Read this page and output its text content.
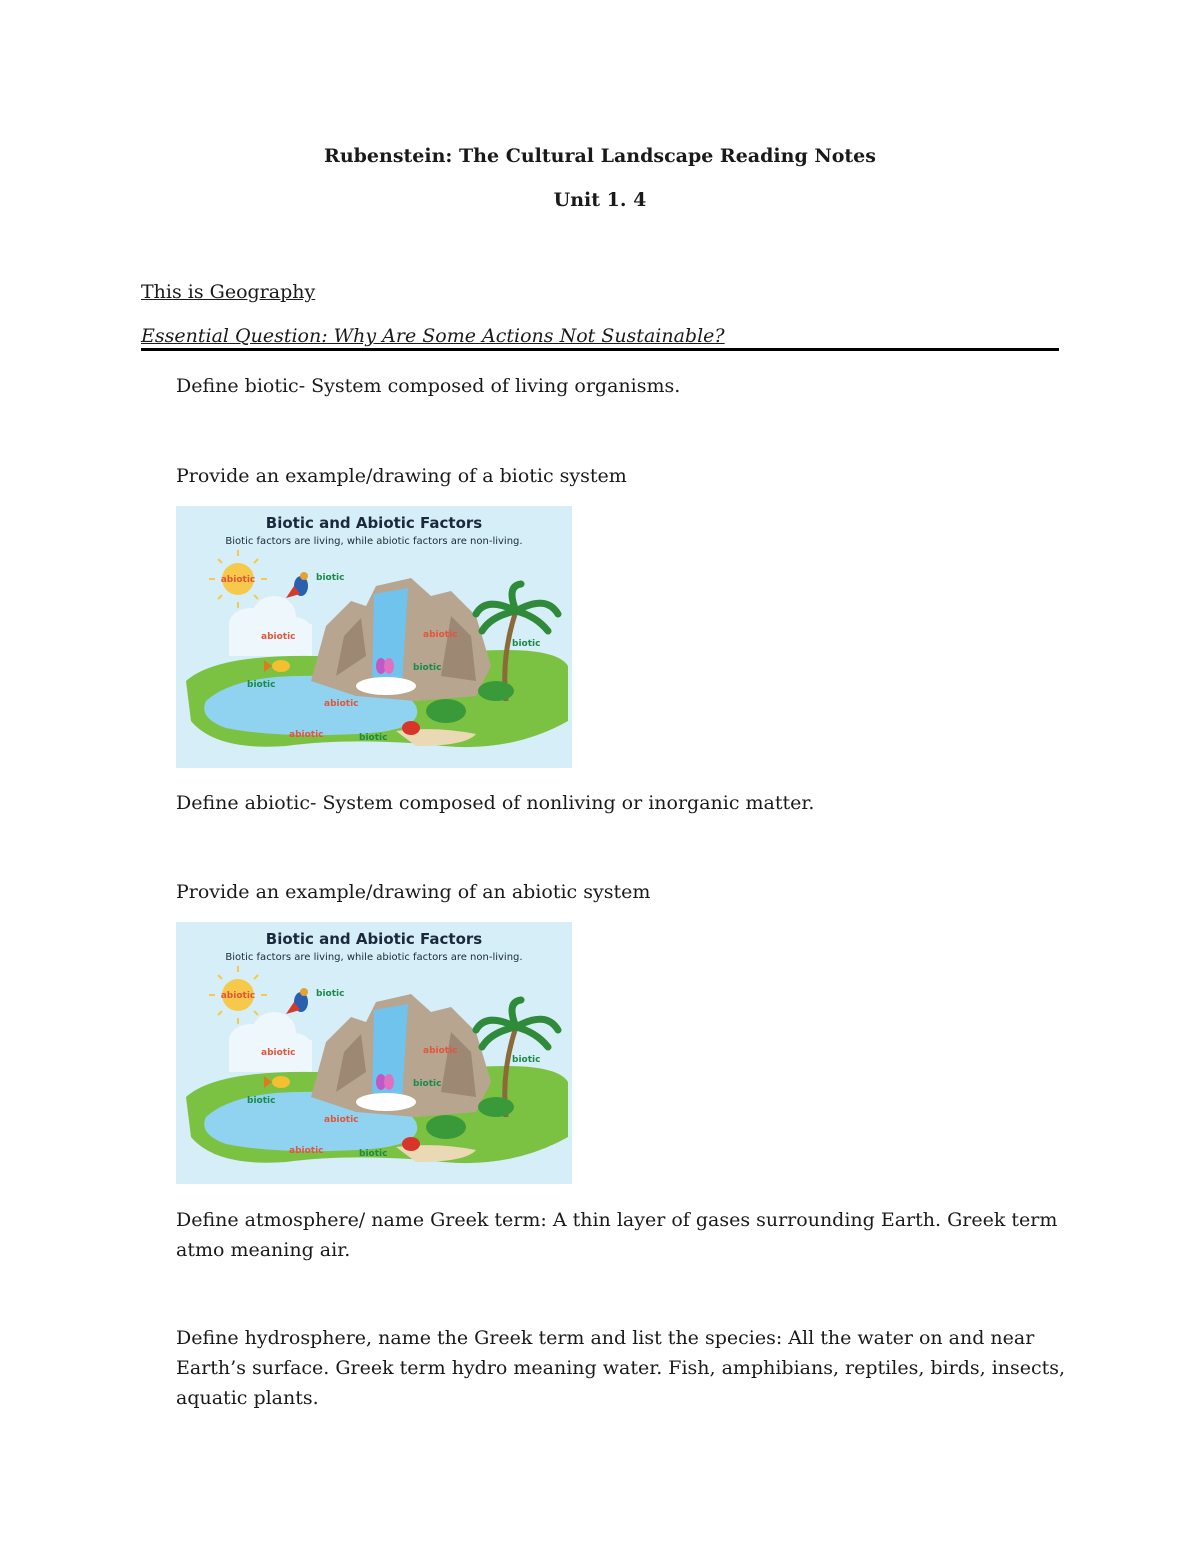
Rubenstein: The Cultural Landscape Reading Notes
Unit 1. 4
This is Geography
Essential Question: Why Are Some Actions Not Sustainable?
Define biotic- System composed of living organisms.
Provide an example/drawing of a biotic system
Biotic and Abiotic Factors
Biotic factors are living, while abiotic factors are non-living.
abiotic	biotic
abiotic	abiotic
biotic
biotic
biotic
abiotic
abiotic	biotic
Define abiotic- System composed of nonliving or inorganic matter.
Provide an example/drawing of an abiotic system
Biotic and Abiotic Factors
Biotic factors are living, while abiotic factors are non-living.
abiotic	biotic
abiotic	abiotic
biotic
biotic
biotic
abiotic
abiotic	biotic
Define atmosphere/ name Greek term: A thin layer of gases surrounding Earth. Greek term
atmo meaning air.
Define hydrosphere, name the Greek term and list the species: All the water on and near
Earth’s surface. Greek term hydro meaning water. Fish, amphibians, reptiles, birds, insects,
aquatic plants.
